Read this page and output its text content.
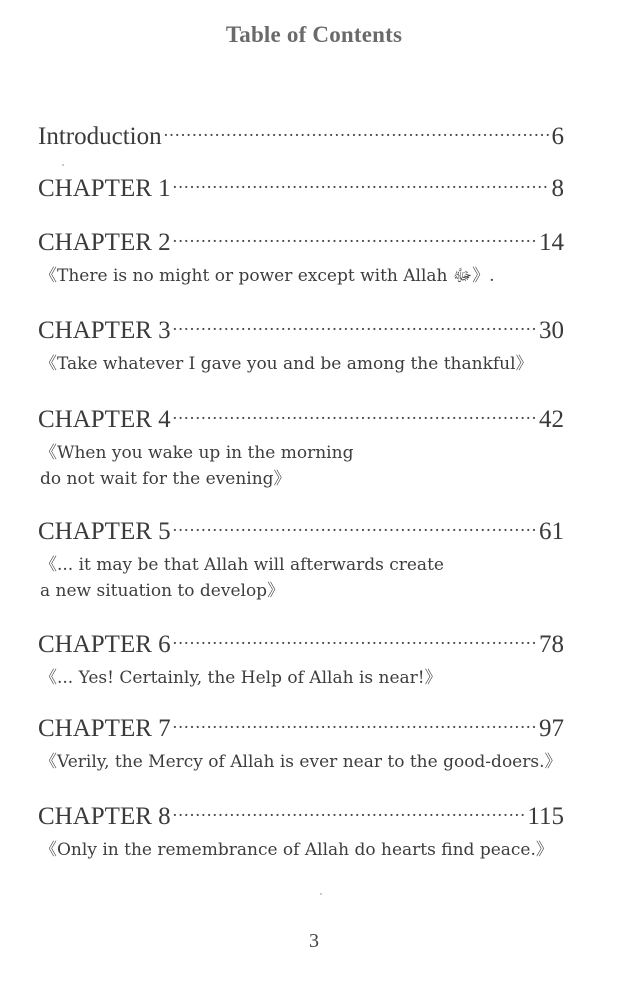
Table of Contents
Introduction .....	6
CHAPTER 1 .....	8
CHAPTER 2 .....	14
《There is no might or power except with Allah ﷻ》.
CHAPTER 3 .....	30
《Take whatever I gave you and be among the thankful》
CHAPTER 4 .....	42
《When you wake up in the morning
do not wait for the evening》
CHAPTER 5 .....	61
《... it may be that Allah will afterwards create
a new situation to develop》
CHAPTER 6 .....	78
《... Yes! Certainly, the Help of Allah is near!》
CHAPTER 7 .....	97
《Verily, the Mercy of Allah is ever near to the good-doers.》
CHAPTER 8 .....	115
《Only in the remembrance of Allah do hearts find peace.》
3
